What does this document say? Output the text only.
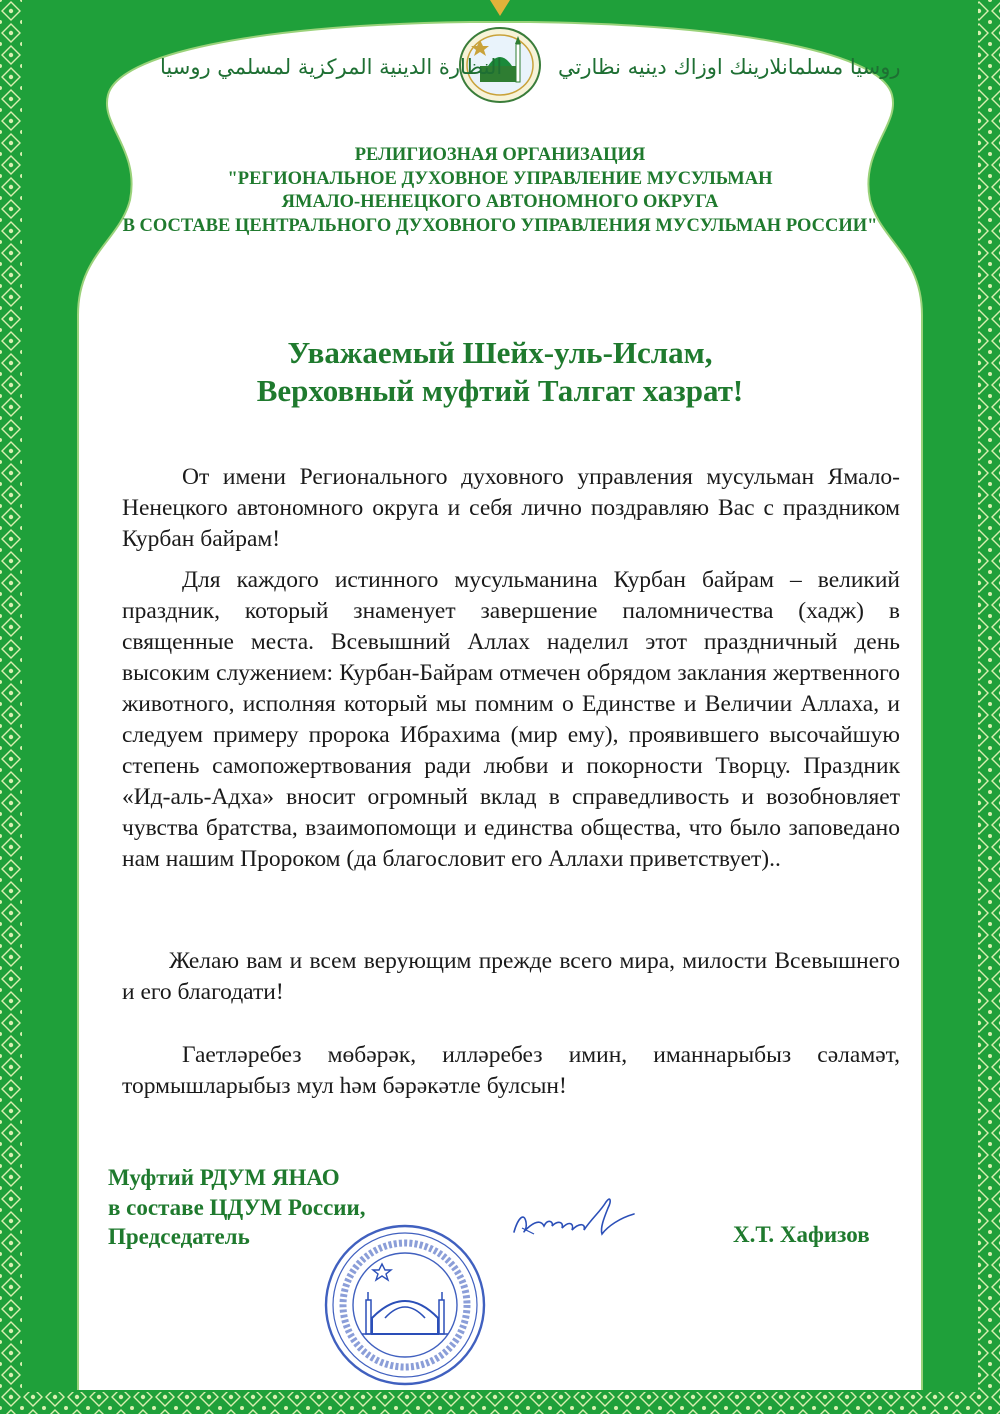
النظارة الدينية المركزية لمسلمي روسيا	روسيا مسلمانلارينك اوزاك دينيه نظارتي
РЕЛИГИОЗНАЯ ОРГАНИЗАЦИЯ
"РЕГИОНАЛЬНОЕ ДУХОВНОЕ УПРАВЛЕНИЕ МУСУЛЬМАН
ЯМАЛО-НЕНЕЦКОГО АВТОНОМНОГО ОКРУГА
В СОСТАВЕ ЦЕНТРАЛЬНОГО ДУХОВНОГО УПРАВЛЕНИЯ МУСУЛЬМАН РОССИИ"
Уважаемый Шейх-уль-Ислам,
Верховный муфтий Талгат хазрат!

От имени Регионального духовного управления мусульман Ямало-Ненецкого автономного округа и себя лично поздравляю Вас с праздником Курбан байрам!

Для каждого истинного мусульманина Курбан байрам – великий праздник, который знаменует завершение паломничества (хадж) в священные места. Всевышний Аллах наделил этот праздничный день высоким служением: Курбан-Байрам отмечен обрядом заклания жертвенного животного, исполняя который мы помним о Единстве и Величии Аллаха, и следуем примеру пророка Ибрахима (мир ему), проявившего высочайшую степень самопожертвования ради любви и покорности Творцу. Праздник «Ид-аль-Адха» вносит огромный вклад в справедливость и возобновляет чувства братства, взаимопомощи и единства общества, что было заповедано нам нашим Пророком (да благословит его Аллахи приветствует)..

Желаю вам и всем верующим прежде всего мира, милости Всевышнего и его благодати!

Гаетләребез мөбәрәк, илләребез имин, иманнарыбыз сәламәт, тормышларыбыз мул һәм бәрәкәтле булсын!

Муфтий РДУМ ЯНАО
в составе ЦДУМ России,
Председатель	Х.Т. Хафизов
